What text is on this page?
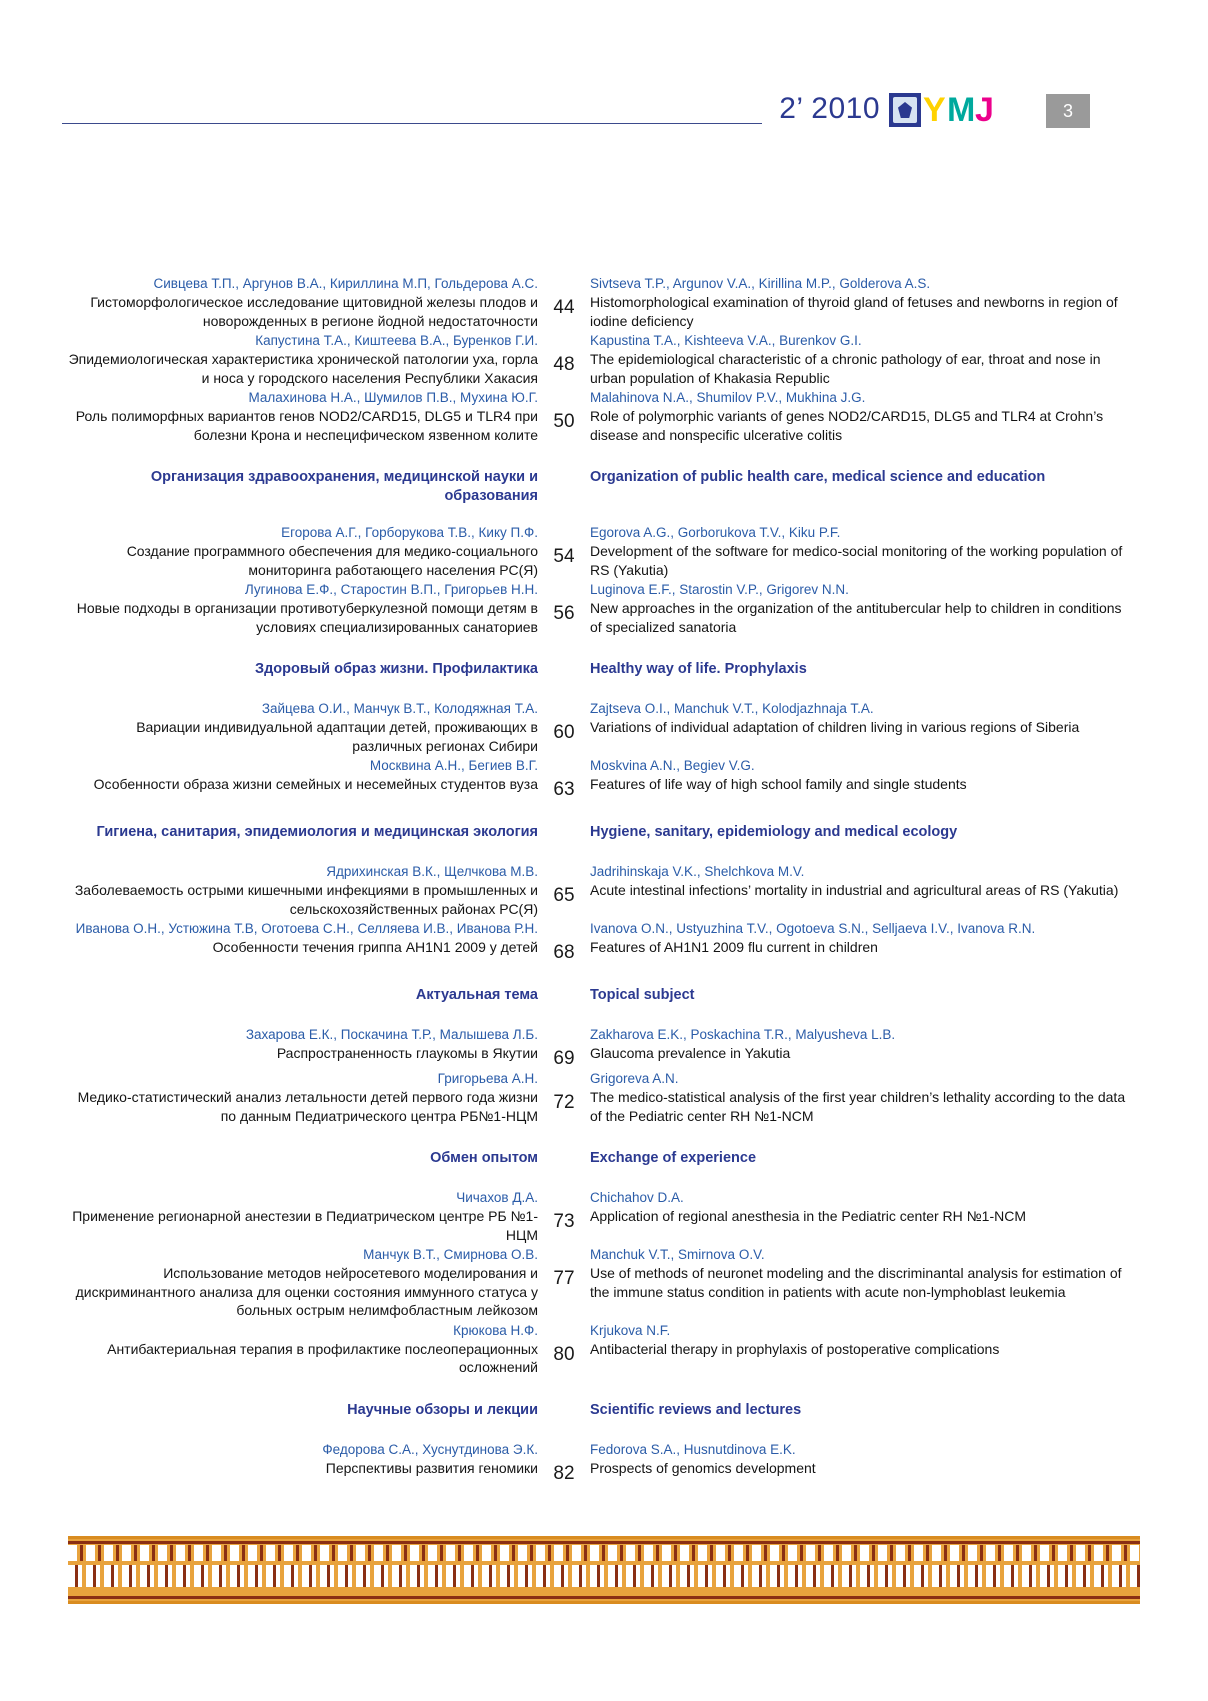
2’ 2010 Y M J	3
Сивцева Т.П., Аргунов В.А., Кириллина М.П, Гольдерова А.С.
Гистоморфологическое исследование щитовидной железы плодов и новорожденных в регионе йодной недостаточности
44
Sivtseva T.P., Argunov V.A., Kirillina M.P., Golderova A.S.
Histomorphological examination of thyroid gland of fetuses and newborns in region of iodine deficiency
Капустина Т.А., Киштеева В.А., Буренков Г.И.
Эпидемиологическая характеристика хронической патологии уха, горла и носа у городского населения Республики Хакасия
48
Kapustina T.A., Kishteeva V.A., Burenkov G.I.
The epidemiological characteristic of a chronic pathology of ear, throat and nose in urban population of Khakasia Republic
Малахинова Н.А., Шумилов П.В., Мухина Ю.Г.
Роль полиморфных вариантов генов NOD2/CARD15, DLG5 и TLR4 при болезни Крона и неспецифическом язвенном колите
50
Malahinova N.A., Shumilov P.V., Mukhina J.G.
Role of polymorphic variants of genes NOD2/CARD15, DLG5 and TLR4 at Crohn’s disease and nonspecific ulcerative colitis
Организация здравоохранения, медицинской науки и образования
Organization of public health care, medical science and education
Егорова А.Г., Горборукова Т.В., Кику П.Ф.
Создание программного обеспечения для медико-социального мониторинга работающего населения РС(Я)
54
Egorova A.G., Gorborukova T.V., Kiku P.F.
Development of the software for medico-social monitoring of the working population of RS (Yakutia)
Лугинова Е.Ф., Старостин В.П., Григорьев Н.Н.
Новые подходы в организации противотуберкулезной помощи детям в условиях специализированных санаториев
56
Luginova E.F., Starostin V.P., Grigorev N.N.
New approaches in the organization of the antitubercular help to children in conditions of specialized sanatoria
Здоровый образ жизни. Профилактика	Healthy way of life. Prophylaxis
Зайцева О.И., Манчук В.Т., Колодяжная Т.А.
Вариации индивидуальной адаптации детей, проживающих в различных регионах Сибири
60
Zajtseva O.I., Manchuk V.T., Kolodjazhnaja T.A.
Variations of individual adaptation of children living in various regions of Siberia
Москвина А.Н., Бегиев В.Г.
Особенности образа жизни семейных и несемейных студентов вуза 63
Moskvina A.N., Begiev V.G.
Features of life way of high school family and single students
Гигиена, санитария, эпидемиология и медицинская экология	Hygiene, sanitary, epidemiology and medical ecology
Ядрихинская В.К., Щелчкова М.В.
Заболеваемость острыми кишечными инфекциями в промышленных и сельскохозяйственных районах РС(Я)
65
Jadrihinskaja V.K., Shelchkova M.V.
Acute intestinal infections’ mortality in industrial and agricultural areas of RS (Yakutia)
Иванова О.Н., Устюжина Т.В, Оготоева С.Н., Селляева И.В., Иванова Р.Н.
Особенности течения гриппа АH1N1 2009 у детей 68
Ivanova O.N., Ustyuzhina T.V., Ogotoeva S.N., Selljaeva I.V., Ivanova R.N.
Features of AH1N1 2009 flu current in children
Актуальная тема	Topical subject
Захарова Е.К., Поскачина Т.Р., Малышева Л.Б.
Распространенность глаукомы в Якутии 69
Zakharova E.K., Poskachina T.R., Malyusheva L.B.
Glaucoma prevalence in Yakutia
Григорьева А.Н.
Медико-статистический анализ летальности детей первого года жизни по данным Педиатрического центра РБ№1-НЦМ
72
Grigoreva A.N.
The medico-statistical analysis of the first year children’s lethality according to the data of the Pediatric center RH №1-NCM
Обмен опытом	Exchange of experience
Чичахов Д.А.
Применение регионарной анестезии в Педиатрическом центре РБ №1-НЦМ
73
Chichahov D.A.
Application of regional anesthesia in the Pediatric center RH №1-NCM
Манчук В.Т., Смирнова О.В.
Использование методов нейросетевого моделирования и дискриминантного анализа для оценки состояния иммунного статуса у больных острым нелимфобластным лейкозом
77
Manchuk V.T., Smirnova O.V.
Use of methods of neuronet modeling and the discriminantal analysis for estimation of the immune status condition in patients with acute non-lymphoblast leukemia
Крюкова Н.Ф.
Антибактериальная терапия в профилактике послеоперационных осложнений
80
Krjukova N.F.
Antibacterial therapy in prophylaxis of postoperative complications
Научные обзоры и лекции	Scientific reviews and lectures
Федорова С.А., Хуснутдинова Э.К.
Перспективы развития геномики 82
Fedorova S.A., Husnutdinova E.K.
Prospects of genomics development
